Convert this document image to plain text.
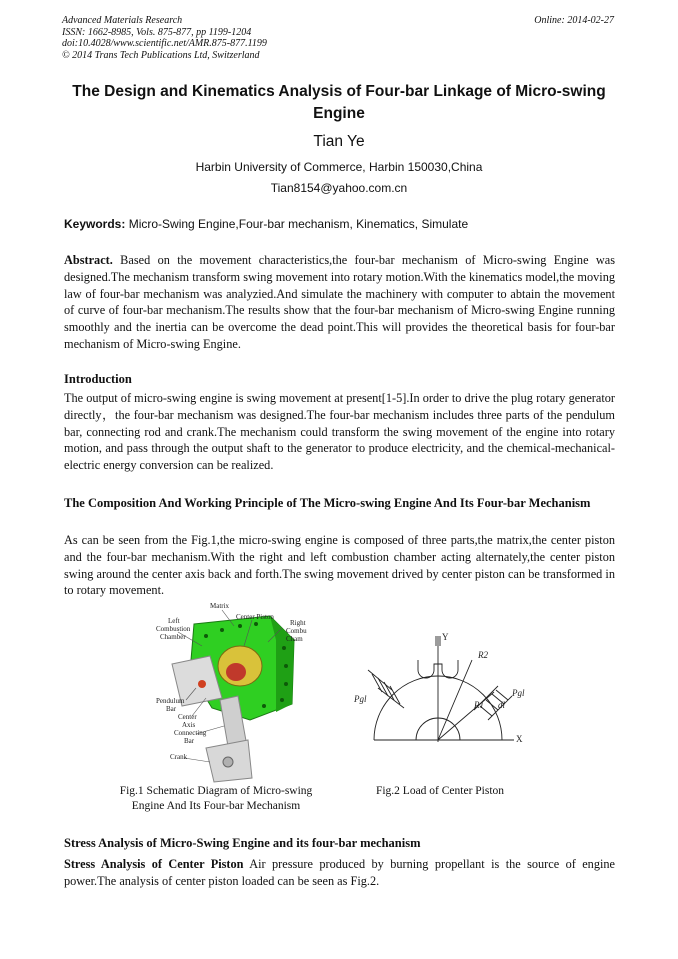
Advanced Materials Research
ISSN: 1662-8985, Vols. 875-877, pp 1199-1204
doi:10.4028/www.scientific.net/AMR.875-877.1199
© 2014 Trans Tech Publications Ltd, Switzerland
Online: 2014-02-27
The Design and Kinematics Analysis of Four-bar Linkage of Micro-swing Engine
Tian Ye
Harbin University of Commerce, Harbin 150030,China
Tian8154@yahoo.com.cn
Keywords: Micro-Swing Engine,Four-bar mechanism, Kinematics, Simulate
Abstract. Based on the movement characteristics,the four-bar mechanism of Micro-swing Engine was designed.The mechanism transform swing movement into rotary motion.With the kinematics model,the moving law of four-bar mechanism was analyzied.And simulate the machinery with computer to abtain the movement of curve of four-bar mechanism.The results show that the four-bar mechanism of Micro-swing Engine running smoothly and the inertia can be overcome the dead point.This will provides the theoretical basis for four-bar mechanism of Micro-swing Engine.
Introduction
The output of micro-swing engine is swing movement at present[1-5].In order to drive the plug rotary generator directly，the four-bar mechanism was designed.The four-bar mechanism includes three parts of the pendulum bar, connecting rod and crank.The mechanism could transform the swing movement of the engine into rotary motion, and pass through the output shaft to the generator to produce electricity, and the chemical-mechanical-electric energy conversion can be realized.
The Composition And Working Principle of The Micro-swing Engine And Its Four-bar Mechanism
As can be seen from the Fig.1,the micro-swing engine is composed of three parts,the matrix,the center piston and the four-bar mechanism.With the right and left combustion chamber acting alternately,the center piston swing around the center axis back and forth.The swing movement drived by center piston can be transformed in to rotary movement.
Matrix
Center Piston
Left
Combustion
Chamber
Right
Combu
Cham
Pendulum
Bar
Center
Axis
Connecting
Bar
Crank
Fig.1 Schematic Diagram of Micro-swing Engine And Its Four-bar Mechanism
Y
X
R2
R1
Pgl
Pgl
dl
Fig.2 Load of Center Piston
Stress Analysis of Micro-Swing Engine and its four-bar mechanism
Stress Analysis of Center Piston Air pressure produced by burning propellant is the source of engine power.The analysis of center piston loaded can be seen as Fig.2.
